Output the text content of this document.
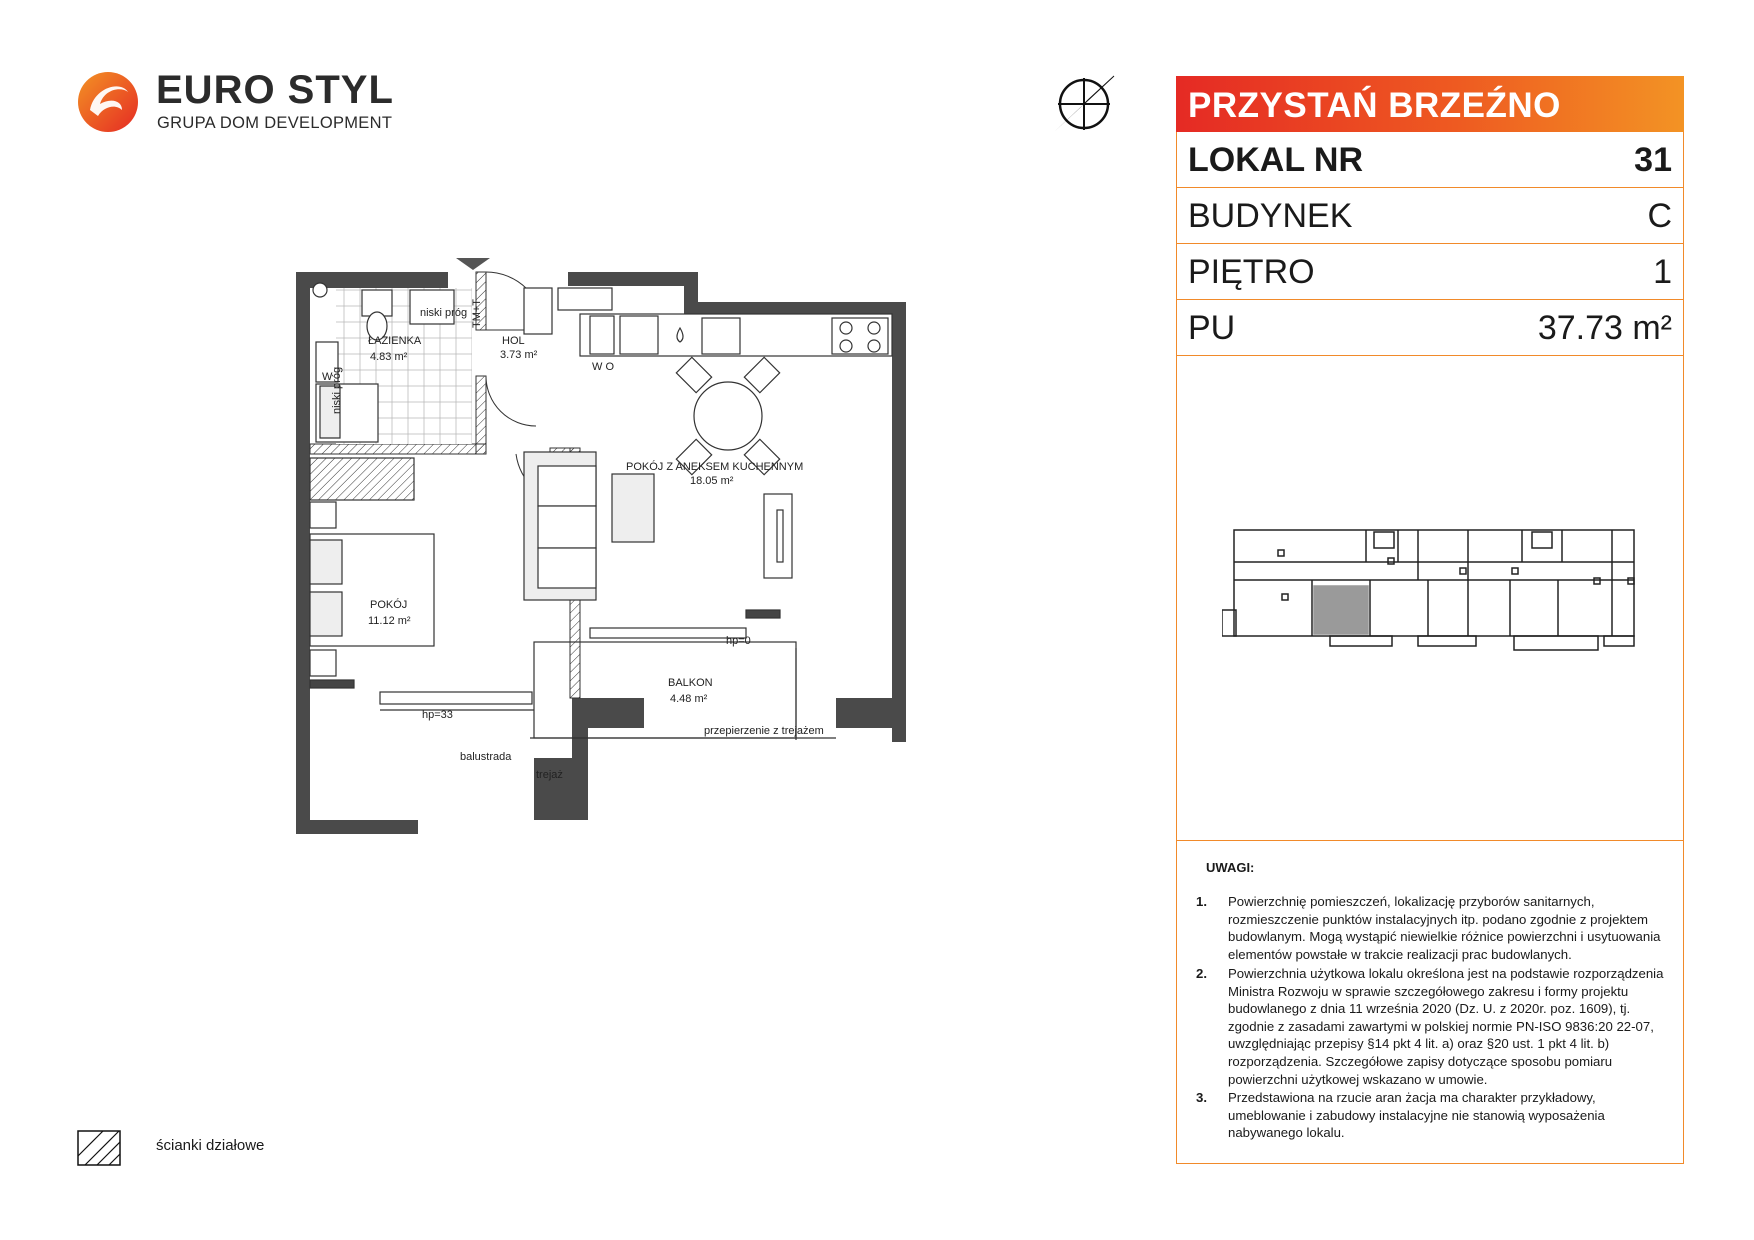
EURO STYL
GRUPA DOM DEVELOPMENT	PRZYSTAŃ BRZEŹNO
LOKAL NR	31
BUDYNEK	C
PIĘTRO	1
PU	37.73 m²
UWAGI:
1. Powierzchnię pomieszczeń, lokalizację przyborów sanitarnych, rozmieszczenie punktów instalacyjnych itp. podano zgodnie z projektem budowlanym. Mogą wystąpić niewielkie różnice powierzchni i usytuowania elementów powstałe w trakcie realizacji prac budowlanych.
2. Powierzchnia użytkowa lokalu określona jest na podstawie rozporządzenia Ministra Rozwoju w sprawie szczegółowego zakresu i formy projektu budowlanego z dnia 11 września 2020 (Dz. U. z 2020r. poz. 1609), tj. zgodnie z zasadami zawartymi w polskiej normie PN-ISO 9836:20 22-07, uwzględniając przepisy §14 pkt 4 lit. a) oraz §20 ust. 1 pkt 4 lit. b) rozporządzenia. Szczegółowe zapisy dotyczące sposobu pomiaru powierzchni użytkowej wskazano w umowie.
3. Przedstawiona na rzucie aran żacja ma charakter przykładowy, umeblowanie i zabudowy instalacyjne nie stanowią wyposażenia nabywanego lokalu.
ścianki działowe
ŁAZIENKA
4.83 m²
HOL
3.73 m²
POKÓJ Z ANEKSEM KUCHENNYM
18.05 m²
POKÓJ
11.12 m²
BALKON
4.48 m²
niski próg
niski próg
TM+T
W O
W
hp=0
hp=33
balustrada
trejaż
przepierzenie z trejażem
